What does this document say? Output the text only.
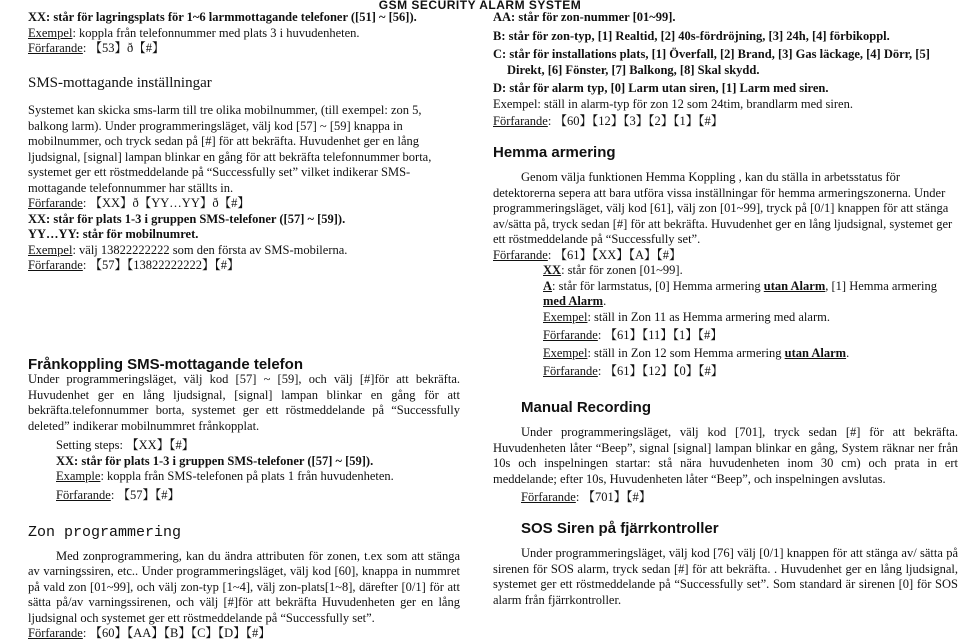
GSM SECURITY ALARM SYSTEM

XX: står för lagringsplats för 1~6 larmmottagande telefoner ([51] ~ [56]).

Exempel: koppla från telefonnummer med plats 3 i huvudenheten.

Förfarande: 【53】ð【#】

SMS-mottagande inställningar

Systemet kan skicka sms-larm till tre olika mobilnummer, (till exempel: zon 5, balkong larm). Under programmeringsläget, välj kod [57] ~ [59] knappa in mobilnummer, och tryck sedan på [#] för att bekräfta. Huvudenhet ger en lång ljudsignal, [signal] lampan blinkar en gång för att bekräfta telefonnummer borta, systemet ger ett röstmeddelande på “Successfully set” vilket indikerar SMS-mottagande telefonnummer har ställts in.

Förfarande: 【XX】ð【YY…YY】ð【#】

XX: står för plats 1-3 i gruppen SMS-telefoner ([57] ~ [59]).

YY…YY: står för mobilnumret.

Exempel: välj 13822222222 som den första av SMS-mobilerna.

Förfarande: 【57】【13822222222】【#】

Frånkoppling SMS-mottagande telefon

Under programmeringsläget, välj kod [57] ~ [59], och välj [#]för att bekräfta. Huvudenhet ger en lång ljudsignal, [signal] lampan blinkar en gång för att bekräfta.telefonnummer borta, systemet ger ett röstmeddelande på “Successfully deleted” indikerar mobilnummret frånkopplat.

Setting steps: 【XX】【#】

XX: står för plats 1-3 i gruppen SMS-telefoner ([57] ~ [59]).

Example: koppla från SMS-telefonen på plats 1 från huvudenheten.

Förfarande: 【57】【#】

Zon programmering

Med zonprogrammering, kan du ändra attributen för zonen, t.ex som att stänga av varningssiren, etc.. Under programmeringsläget, välj kod [60], knappa in nummret på vald zon [01~99], och välj zon-typ [1~4], välj zon-plats[1~8], därefter [0/1] för att sätta på/av varningssirenen, och välj [#]för att bekräfta Huvudenheten ger en lång ljudsignal och systemet ger ett röstmeddelande på “Successfully set”.

Förfarande: 【60】【AA】【B】【C】【D】【#】

AA: står för zon-nummer [01~99].

B: står för zon-typ, [1] Realtid, [2] 40s-fördröjning, [3] 24h, [4] förbikoppl.

C: står för installations plats, [1] Överfall, [2] Brand, [3] Gas läckage, [4] Dörr, [5] Direkt, [6] Fönster, [7] Balkong, [8] Skal skydd.

D: står för alarm typ, [0] Larm utan siren, [1] Larm med siren.

Exempel: ställ in alarm-typ för zon 12 som 24tim, brandlarm med siren.

Förfarande: 【60】【12】【3】【2】【1】【#】

Hemma armering

Genom välja funktionen Hemma Koppling , kan du ställa in arbetsstatus för detektorerna sepera att bara utföra vissa inställningar för hemma armeringszonerna. Under programmeringsläget, välj kod [61], välj zon [01~99], tryck på [0/1] knappen för att stänga av/sätta på, tryck sedan [#] för att bekräfta. Huvudenhet ger en lång ljudsignal, systemet ger ett röstmeddelande på “Successfully set”.

Förfarande: 【61】【XX】【A】【#】

XX: står för zonen [01~99].

A: står för larmstatus, [0] Hemma armering utan Alarm, [1] Hemma armering med Alarm.

Exempel: ställ in Zon 11 as Hemma armering med alarm.

Förfarande: 【61】【11】【1】【#】

Exempel: ställ in Zon 12 som Hemma armering utan Alarm.

Förfarande: 【61】【12】【0】【#】

Manual Recording

Under programmeringsläget, välj kod [701], tryck sedan [#] för att bekräfta. Huvudenheten låter “Beep”, signal [signal] lampan blinkar en gång, System räknar ner från 10s och inspelningen startar: stå nära huvudenheten inom 30 cm) och prata in ert meddelande; efter 10s, Huvudenheten låter “Beep”, och inspelningen avslutas.

Förfarande: 【701】【#】

SOS Siren på fjärrkontroller

Under programmeringsläget, välj kod [76] välj [0/1] knappen för att stänga av/ sätta på sirenen för SOS alarm, tryck sedan [#] för att bekräfta. . Huvudenhet ger en lång ljudsignal, systemet ger ett röstmeddelande på “Successfully set”. Som standard är sirenen [0] för SOS alarm från fjärrkontroller.
